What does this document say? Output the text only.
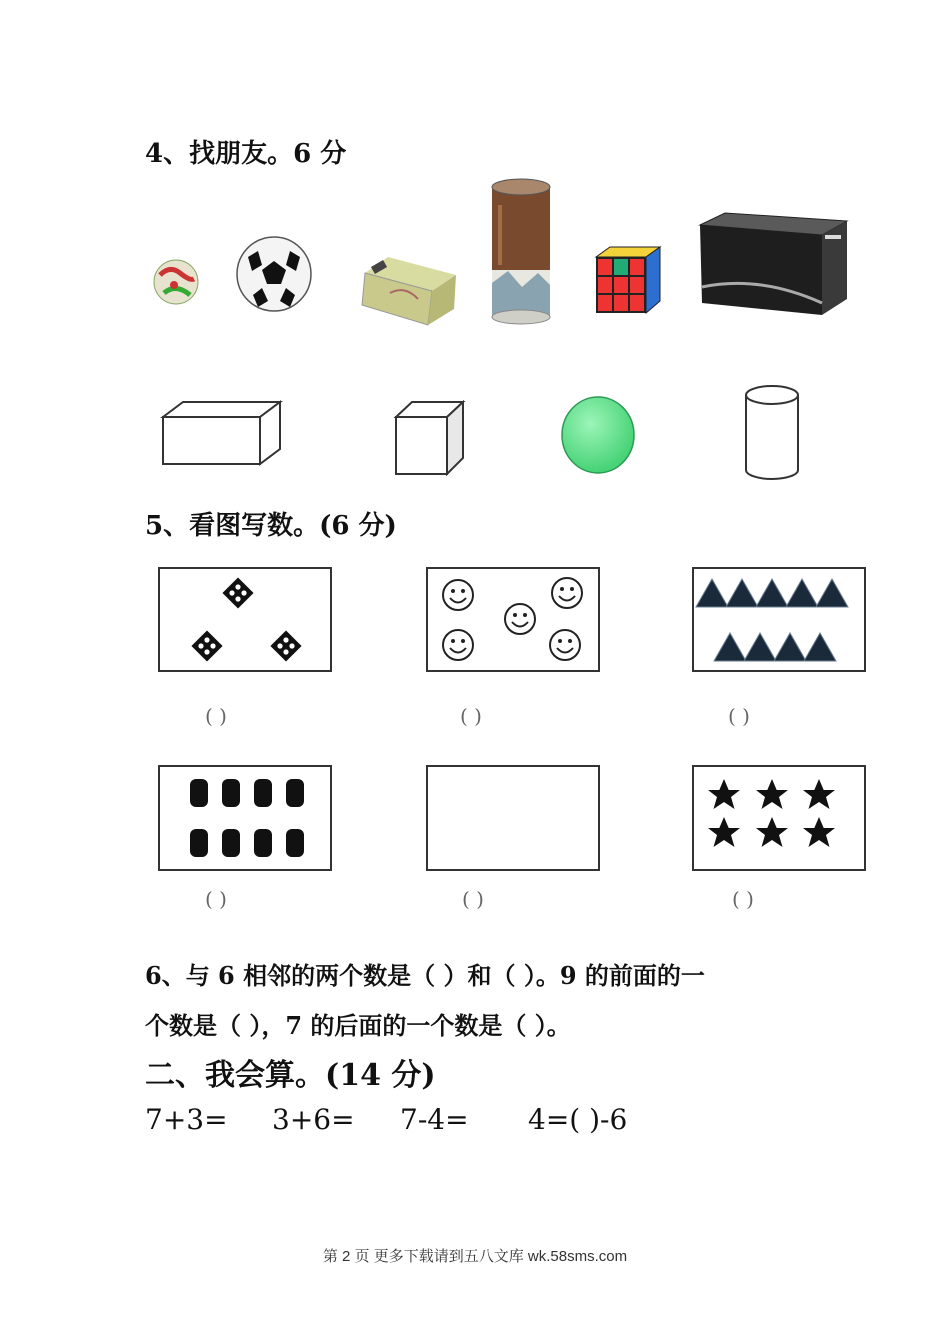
4、找朋友。6 分
5、看图写数。(6 分)
( )	( )	( )
( )	( )	( )
6、与 6 相邻的两个数是（ ）和（ ）。9 的前面的一
个数是（ ），7 的后面的一个数是（ ）。
二、我会算。(14 分)
7+3= 3+6= 7-4= 4=( )-6
第 2 页 更多下载请到五八文库 wk.58sms.com
